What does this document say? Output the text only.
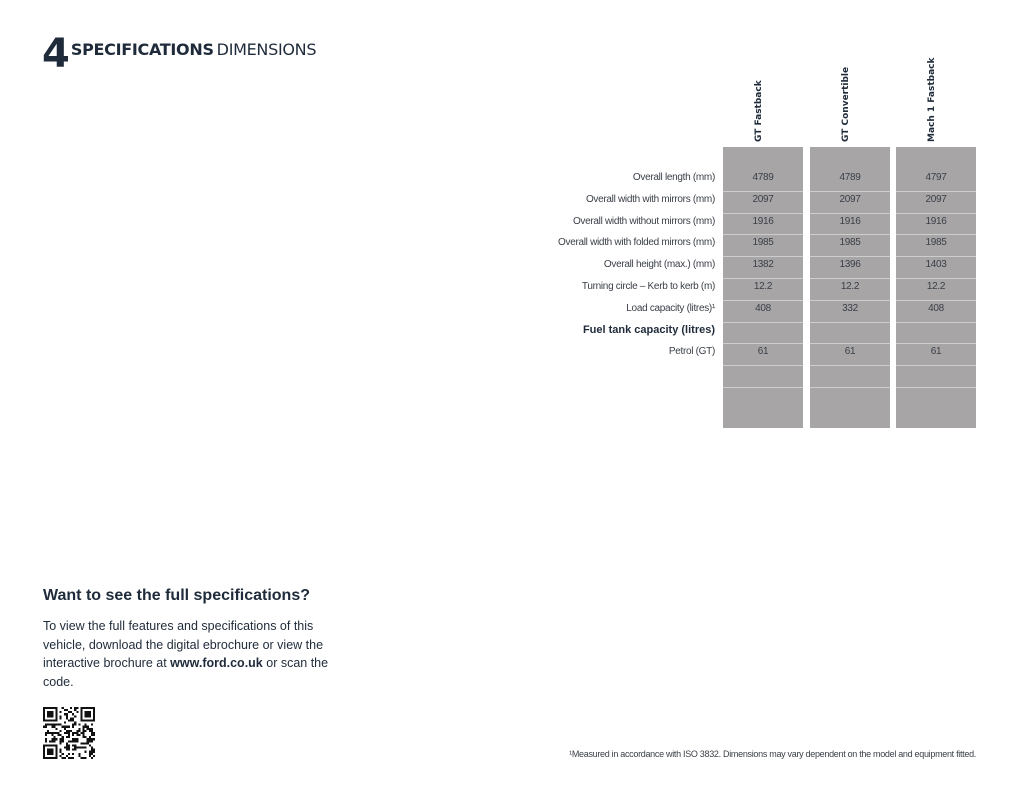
4 SPECIFICATIONS DIMENSIONS
GT Fastback	GT Convertible	Mach 1 Fastback
Overall length (mm)	4789	4789	4797
Overall width with mirrors (mm)	2097	2097	2097
Overall width without mirrors (mm)	1916	1916	1916
Overall width with folded mirrors (mm)	1985	1985	1985
Overall height (max.) (mm)	1382	1396	1403
Turning circle – Kerb to kerb (m)	12.2	12.2	12.2
Load capacity (litres)¹	408	332	408
Fuel tank capacity (litres)
Petrol (GT)	61	61	61
Want to see the full specifications?
To view the full features and specifications of this vehicle, download the digital ebrochure or view the interactive brochure at www.ford.co.uk or scan the code.
¹Measured in accordance with ISO 3832. Dimensions may vary dependent on the model and equipment fitted.
